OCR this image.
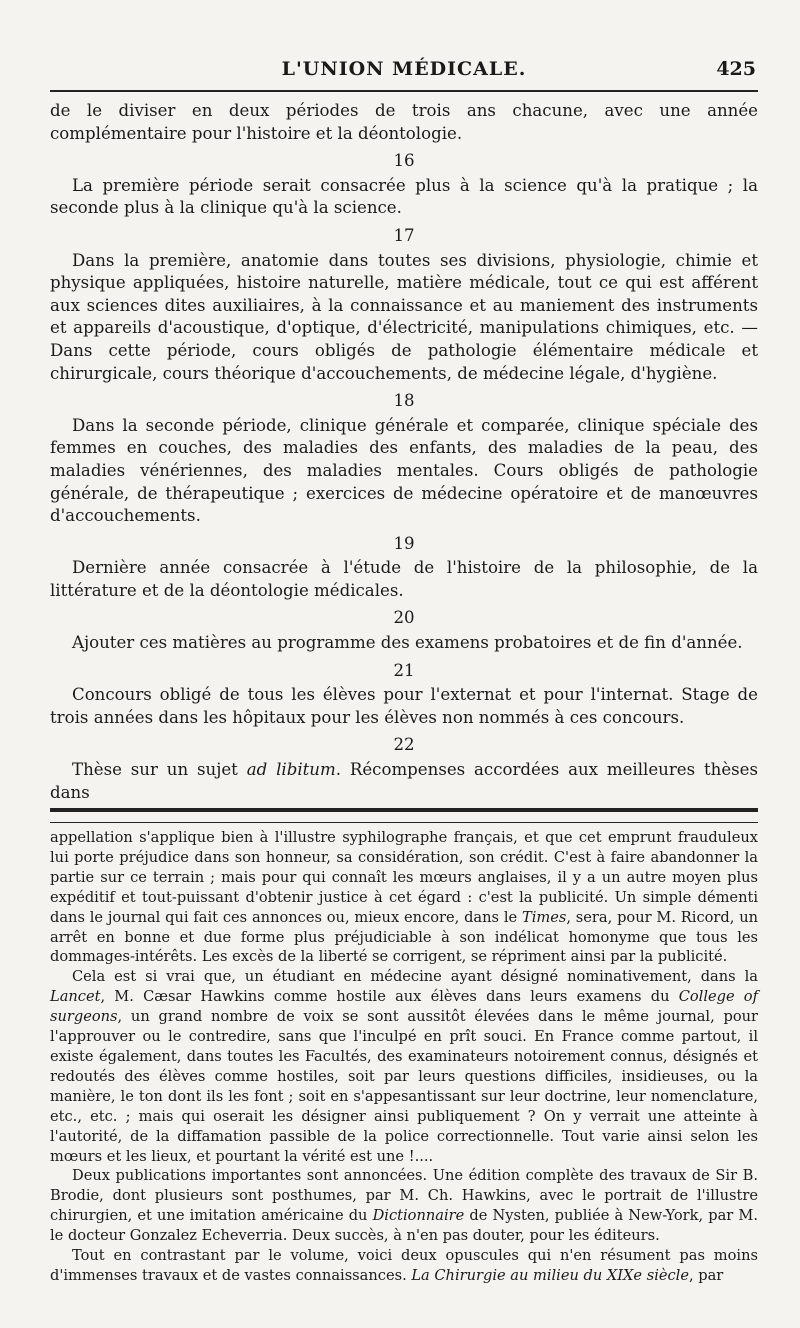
L'UNION MÉDICALE.	425

de le diviser en deux périodes de trois ans chacune, avec une année complémentaire pour l'histoire et la déontologie.

16

La première période serait consacrée plus à la science qu'à la pratique ; la seconde plus à la clinique qu'à la science.

17

Dans la première, anatomie dans toutes ses divisions, physiologie, chimie et physique appliquées, histoire naturelle, matière médicale, tout ce qui est afférent aux sciences dites auxiliaires, à la connaissance et au maniement des instruments et appareils d'acoustique, d'optique, d'électricité, manipulations chimiques, etc. — Dans cette période, cours obligés de pathologie élémentaire médicale et chirurgicale, cours théorique d'accouchements, de médecine légale, d'hygiène.

18

Dans la seconde période, clinique générale et comparée, clinique spéciale des femmes en couches, des maladies des enfants, des maladies de la peau, des maladies vénériennes, des maladies mentales. Cours obligés de pathologie générale, de thérapeutique ; exercices de médecine opératoire et de manœuvres d'accouchements.

19

Dernière année consacrée à l'étude de l'histoire de la philosophie, de la littérature et de la déontologie médicales.

20

Ajouter ces matières au programme des examens probatoires et de fin d'année.

21

Concours obligé de tous les élèves pour l'externat et pour l'internat. Stage de trois années dans les hôpitaux pour les élèves non nommés à ces concours.

22

Thèse sur un sujet ad libitum. Récompenses accordées aux meilleures thèses dans

appellation s'applique bien à l'illustre syphilographe français, et que cet emprunt frauduleux lui porte préjudice dans son honneur, sa considération, son crédit. C'est à faire abandonner la partie sur ce terrain ; mais pour qui connaît les mœurs anglaises, il y a un autre moyen plus expéditif et tout-puissant d'obtenir justice à cet égard : c'est la publicité. Un simple démenti dans le journal qui fait ces annonces ou, mieux encore, dans le Times, sera, pour M. Ricord, un arrêt en bonne et due forme plus préjudiciable à son indélicat homonyme que tous les dommages-intérêts. Les excès de la liberté se corrigent, se répriment ainsi par la publicité.

Cela est si vrai que, un étudiant en médecine ayant désigné nominativement, dans la Lancet, M. Cæsar Hawkins comme hostile aux élèves dans leurs examens du College of surgeons, un grand nombre de voix se sont aussitôt élevées dans le même journal, pour l'approuver ou le contredire, sans que l'inculpé en prît souci. En France comme partout, il existe également, dans toutes les Facultés, des examinateurs notoirement connus, désignés et redoutés des élèves comme hostiles, soit par leurs questions difficiles, insidieuses, ou la manière, le ton dont ils les font ; soit en s'appesantissant sur leur doctrine, leur nomenclature, etc., etc. ; mais qui oserait les désigner ainsi publiquement ? On y verrait une atteinte à l'autorité, de la diffamation passible de la police correctionnelle. Tout varie ainsi selon les mœurs et les lieux, et pourtant la vérité est une !....

Deux publications importantes sont annoncées. Une édition complète des travaux de Sir B. Brodie, dont plusieurs sont posthumes, par M. Ch. Hawkins, avec le portrait de l'illustre chirurgien, et une imitation américaine du Dictionnaire de Nysten, publiée à New-York, par M. le docteur Gonzalez Echeverria. Deux succès, à n'en pas douter, pour les éditeurs.

Tout en contrastant par le volume, voici deux opuscules qui n'en résument pas moins d'immenses travaux et de vastes connaissances. La Chirurgie au milieu du XIXe siècle, par
